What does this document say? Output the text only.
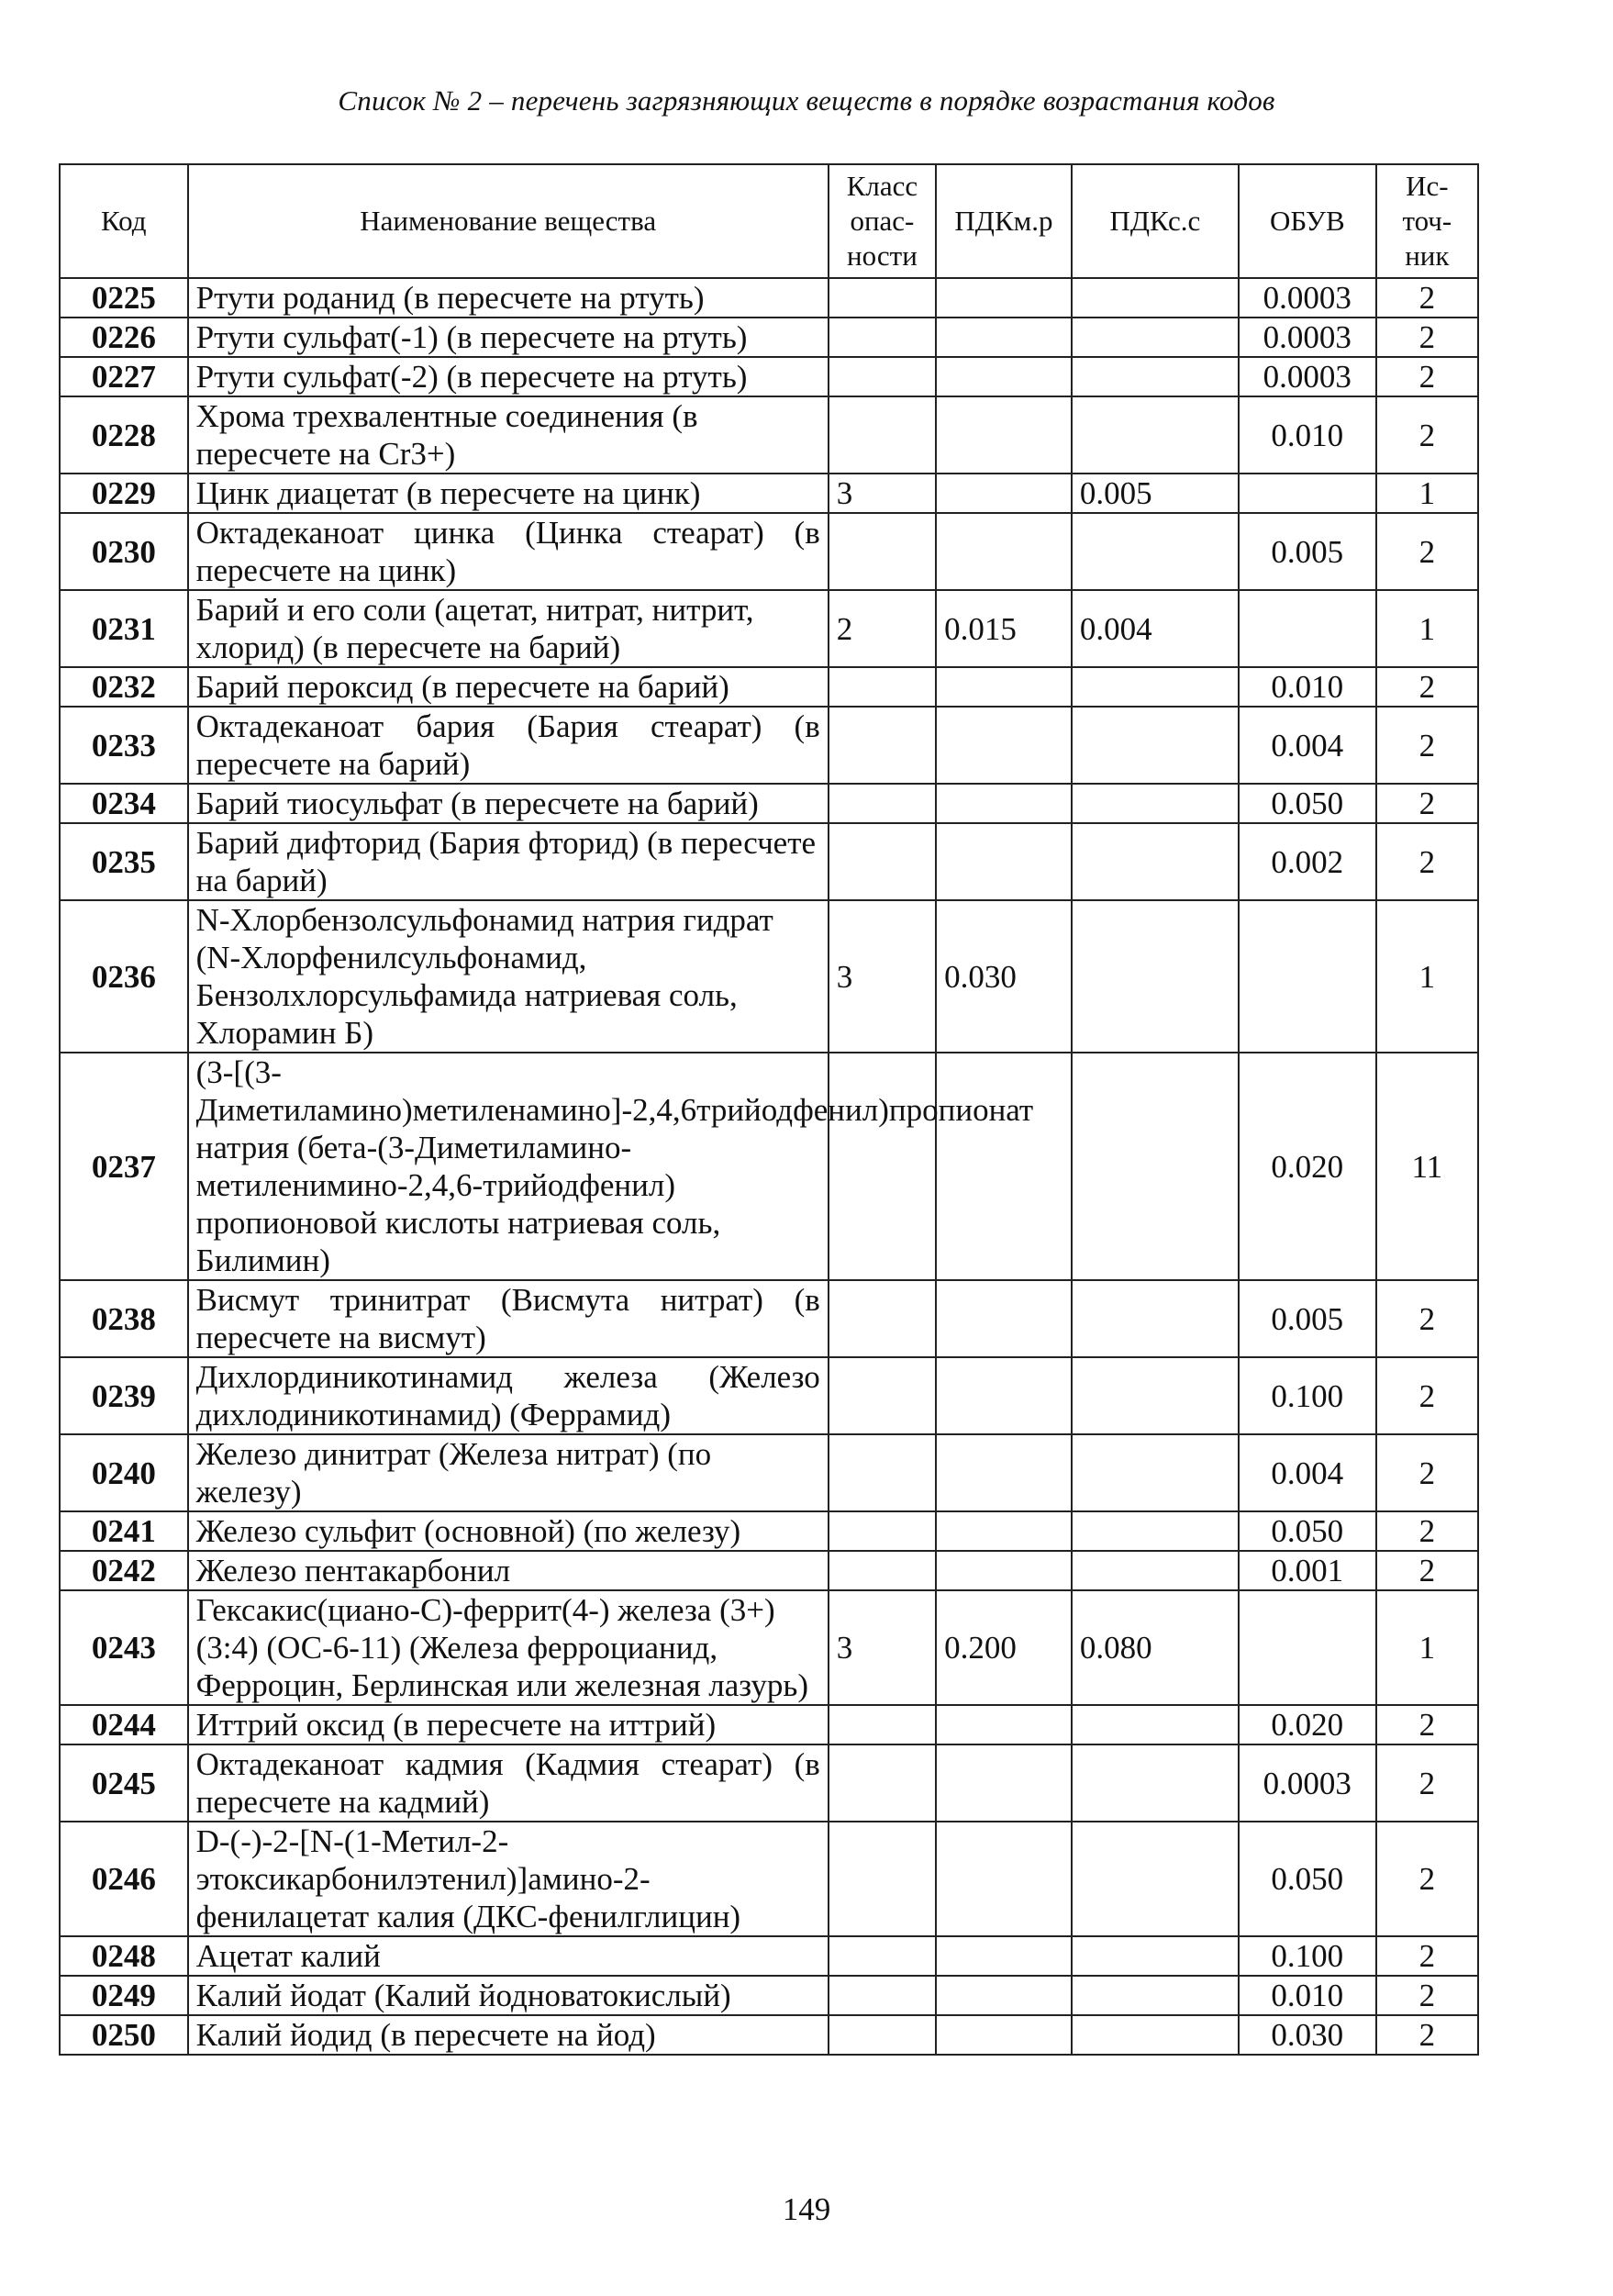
Список № 2 – перечень загрязняющих веществ в порядке возрастания кодов
Код	Наименование вещества	Класс опас- ности	ПДКм.р	ПДКс.с	ОБУВ	Ис- точ- ник
0225	Ртути роданид (в пересчете на ртуть)				0.0003	2
0226	Ртути сульфат(-1) (в пересчете на ртуть)				0.0003	2
0227	Ртути сульфат(-2) (в пересчете на ртуть)				0.0003	2
0228	Хрома трехвалентные соединения (в пересчете на Cr3+)				0.010	2
0229	Цинк диацетат (в пересчете на цинк)	3		0.005		1
0230	Октадеканоат цинка (Цинка стеарат) (в пересчете на цинк)				0.005	2
0231	Барий и его соли (ацетат, нитрат, нитрит, хлорид) (в пересчете на барий)	2	0.015	0.004		1
0232	Барий пероксид (в пересчете на барий)				0.010	2
0233	Октадеканоат бария (Бария стеарат) (в пересчете на барий)				0.004	2
0234	Барий тиосульфат (в пересчете на барий)				0.050	2
0235	Барий дифторид (Бария фторид) (в пересчете на барий)				0.002	2
0236	N-Хлорбензолсульфонамид натрия гидрат (N-Хлорфенилсульфонамид, Бензолхлорсульфамида натриевая соль, Хлорамин Б)	3	0.030			1
0237	(3-[(3-Диметиламино)метиленамино]-2,4,6трийодфенил)пропионат натрия (бета-(3-Диметиламино-метиленимино-2,4,6-трийодфенил) пропионовой кислоты натриевая соль, Билимин)				0.020	11
0238	Висмут тринитрат (Висмута нитрат) (в пересчете на висмут)				0.005	2
0239	Дихлординикотинамид железа (Железо дихлодиникотинамид) (Феррамид)				0.100	2
0240	Железо динитрат (Железа нитрат) (по железу)				0.004	2
0241	Железо сульфит (основной) (по железу)				0.050	2
0242	Железо пентакарбонил				0.001	2
0243	Гексакис(циано-С)-феррит(4-) железа (3+) (3:4) (ОС-6-11) (Железа ферроцианид, Ферроцин, Берлинская или железная лазурь)	3	0.200	0.080		1
0244	Иттрий оксид (в пересчете на иттрий)				0.020	2
0245	Октадеканоат кадмия (Кадмия стеарат) (в пересчете на кадмий)				0.0003	2
0246	D-(-)-2-[N-(1-Метил-2-этоксикарбонилэтенил)]амино-2-фенилацетат калия (ДКС-фенилглицин)				0.050	2
0248	Ацетат калий				0.100	2
0249	Калий йодат (Калий йодноватокислый)				0.010	2
0250	Калий йодид (в пересчете на йод)				0.030	2
149
